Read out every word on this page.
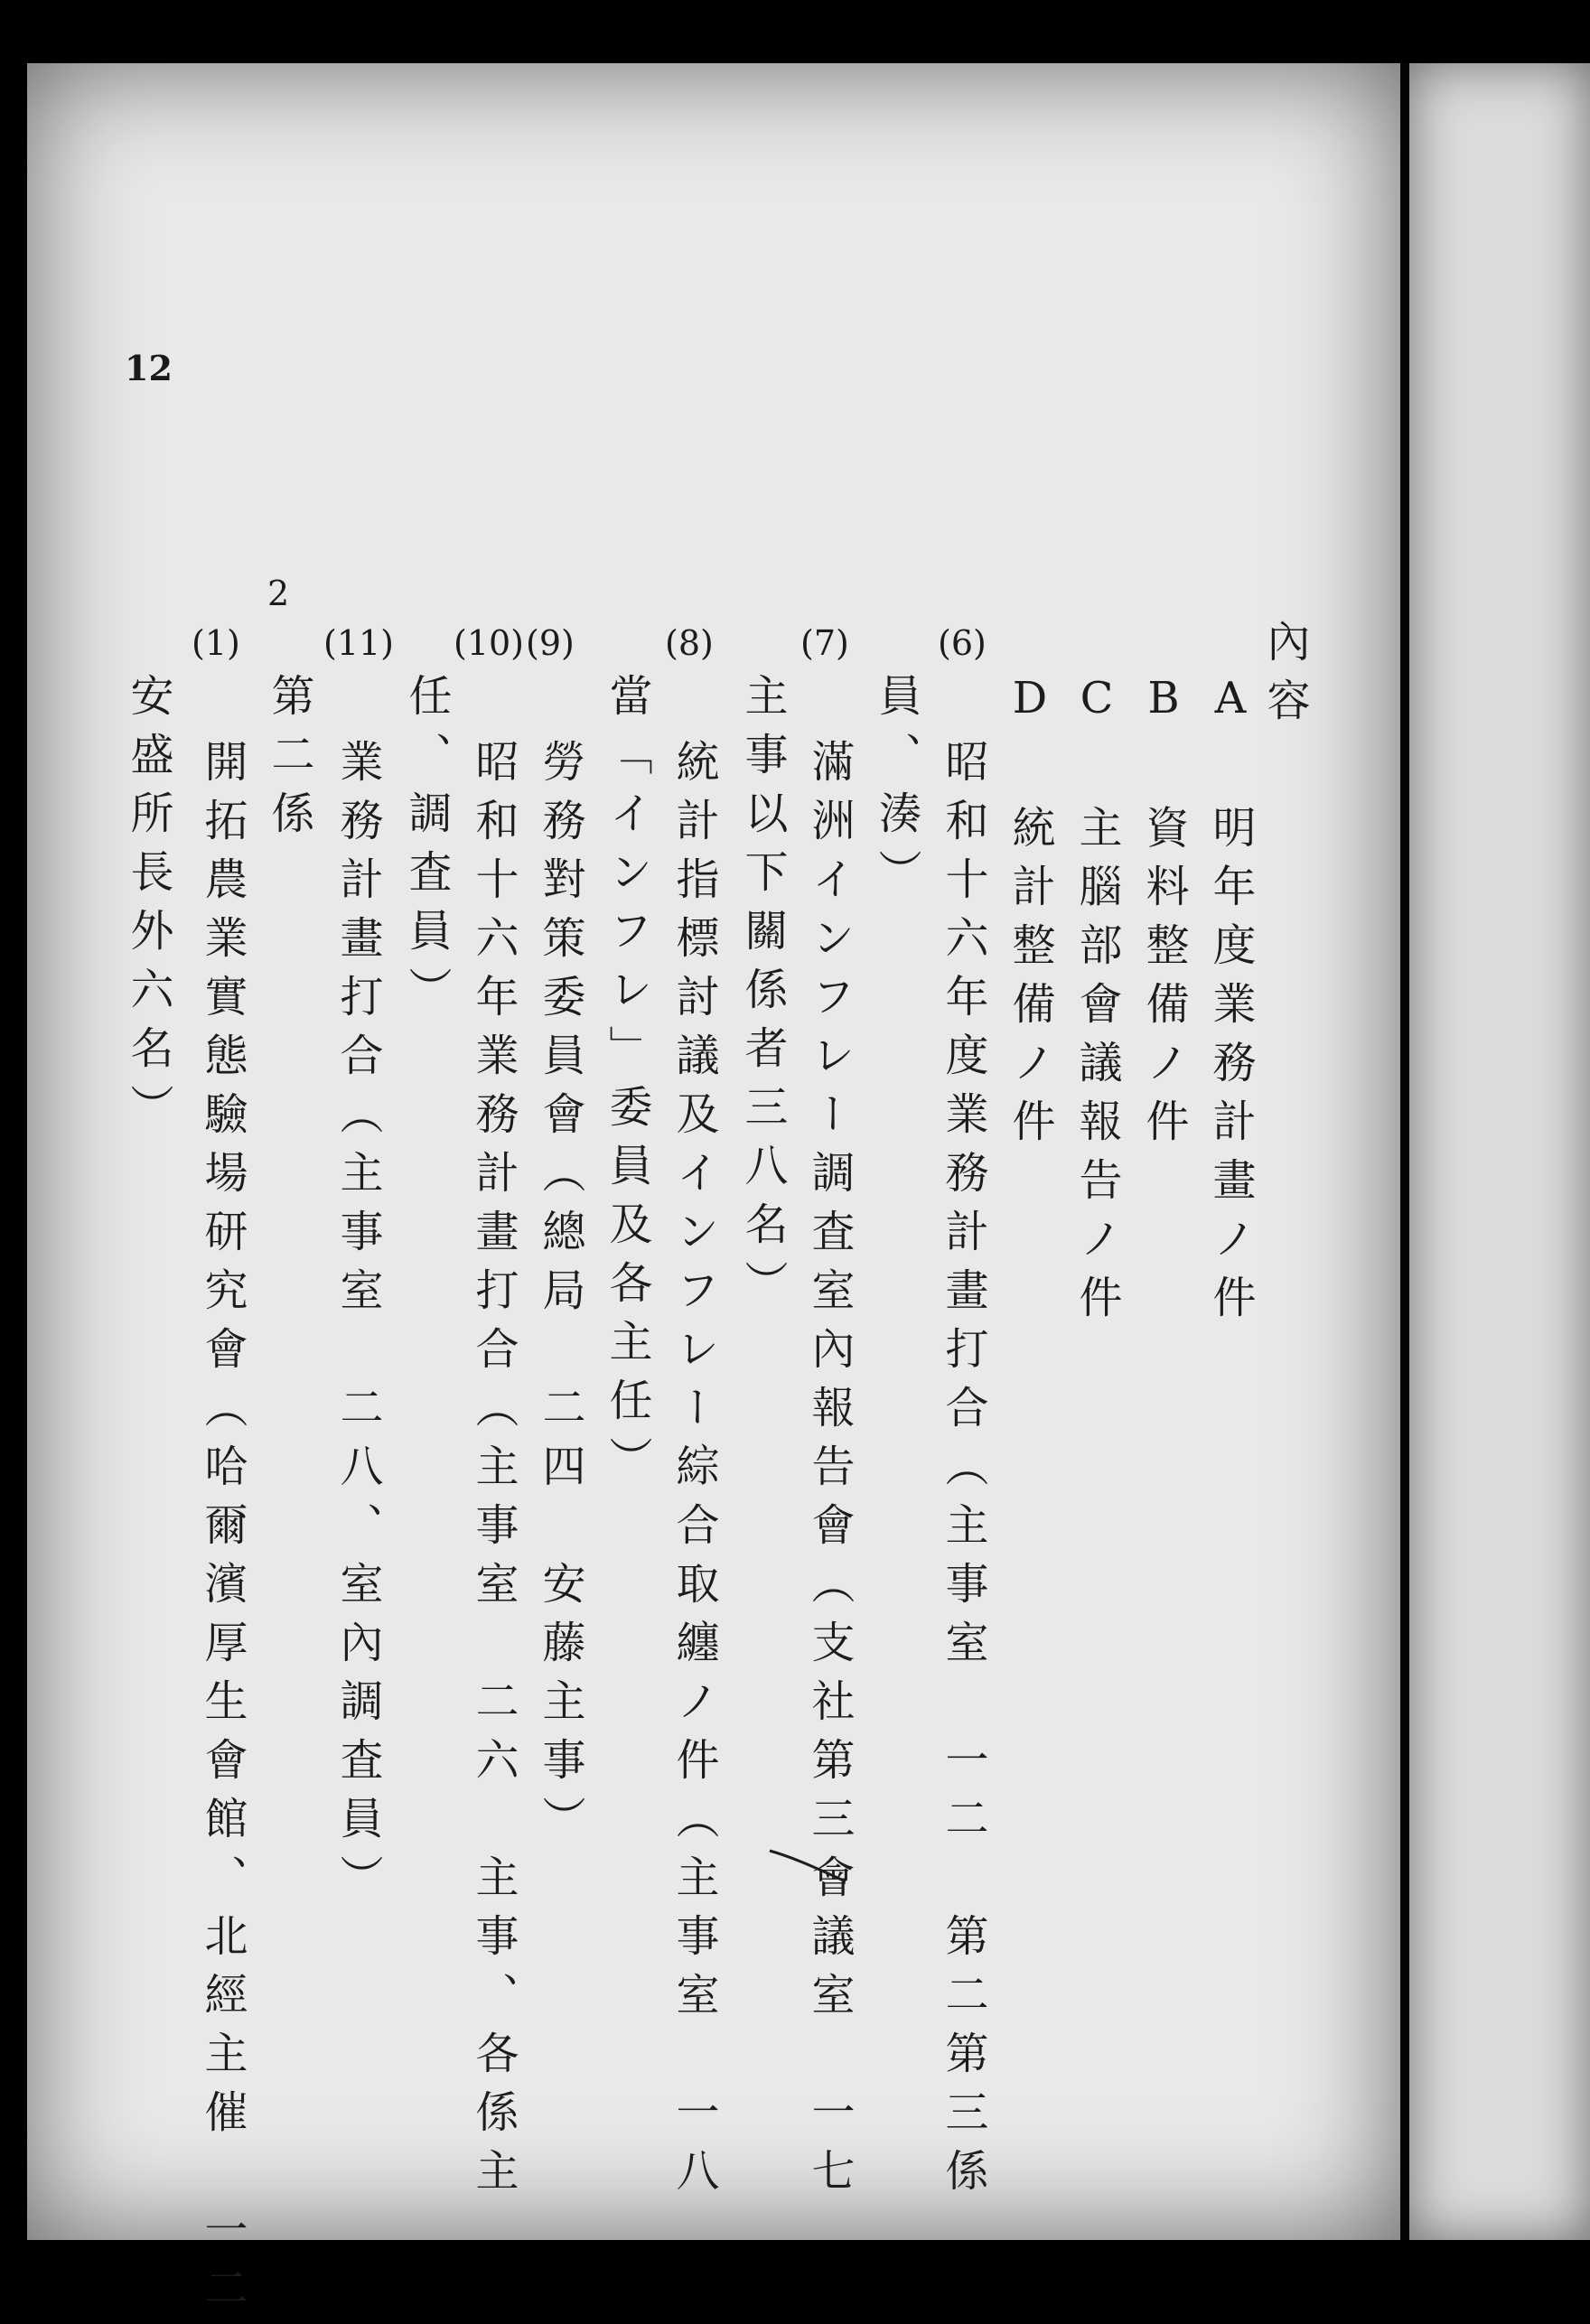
12
內容
A 明年度業務計畫ノ件
B 資料整備ノ件
C 主腦部會議報告ノ件
D 統計整備ノ件
(6)
昭和十六年度業務計畫打合（主事室　一二　第二第三係
員、湊）
(7)
滿洲インフレー調査室內報告會（支社第三會議室　一七
主事以下關係者三八名）
(8)
統計指標討議及インフレー綜合取纏ノ件（主事室　一八
當「インフレ」委員及各主任）
(9)
勞務對策委員會（總局　二四　安藤主事）
(10)
昭和十六年業務計畫打合（主事室　二六　主事、各係主
任、調査員）
(11)
業務計畫打合（主事室　二八、室內調査員）
2
第二係
(1)
開拓農業實態驗場研究會（哈爾濱厚生會館、北經主催　一二
安盛所長外六名）
